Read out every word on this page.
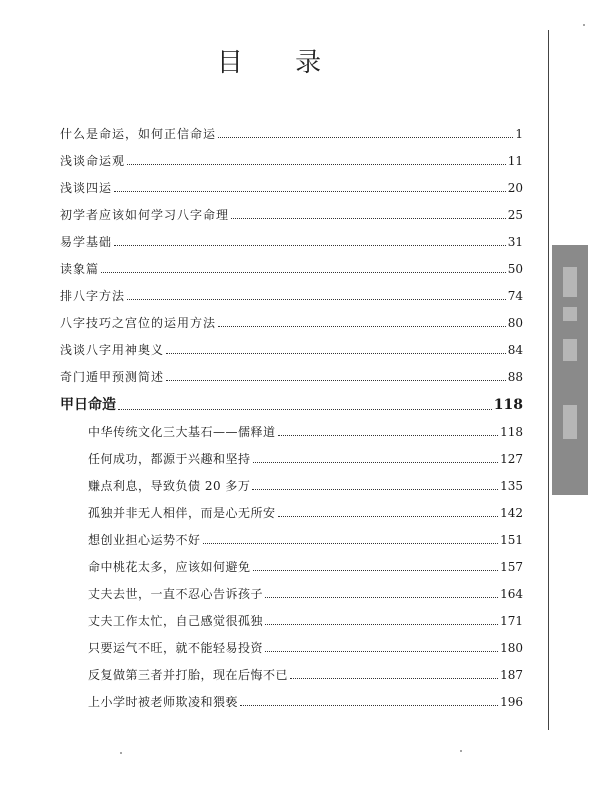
目 录
什么是命运，如何正信命运	1
浅谈命运观	11
浅谈四运	20
初学者应该如何学习八字命理	25
易学基础	31
读象篇	50
排八字方法	74
八字技巧之宫位的运用方法	80
浅谈八字用神奥义	84
奇门遁甲预测简述	88
甲日命造	118
中华传统文化三大基石——儒释道	118
任何成功，都源于兴趣和坚持	127
赚点利息，导致负债 20 多万	135
孤独并非无人相伴，而是心无所安	142
想创业担心运势不好	151
命中桃花太多，应该如何避免	157
丈夫去世，一直不忍心告诉孩子	164
丈夫工作太忙，自己感觉很孤独	171
只要运气不旺，就不能轻易投资	180
反复做第三者并打胎，现在后悔不已	187
上小学时被老师欺凌和猥亵	196
